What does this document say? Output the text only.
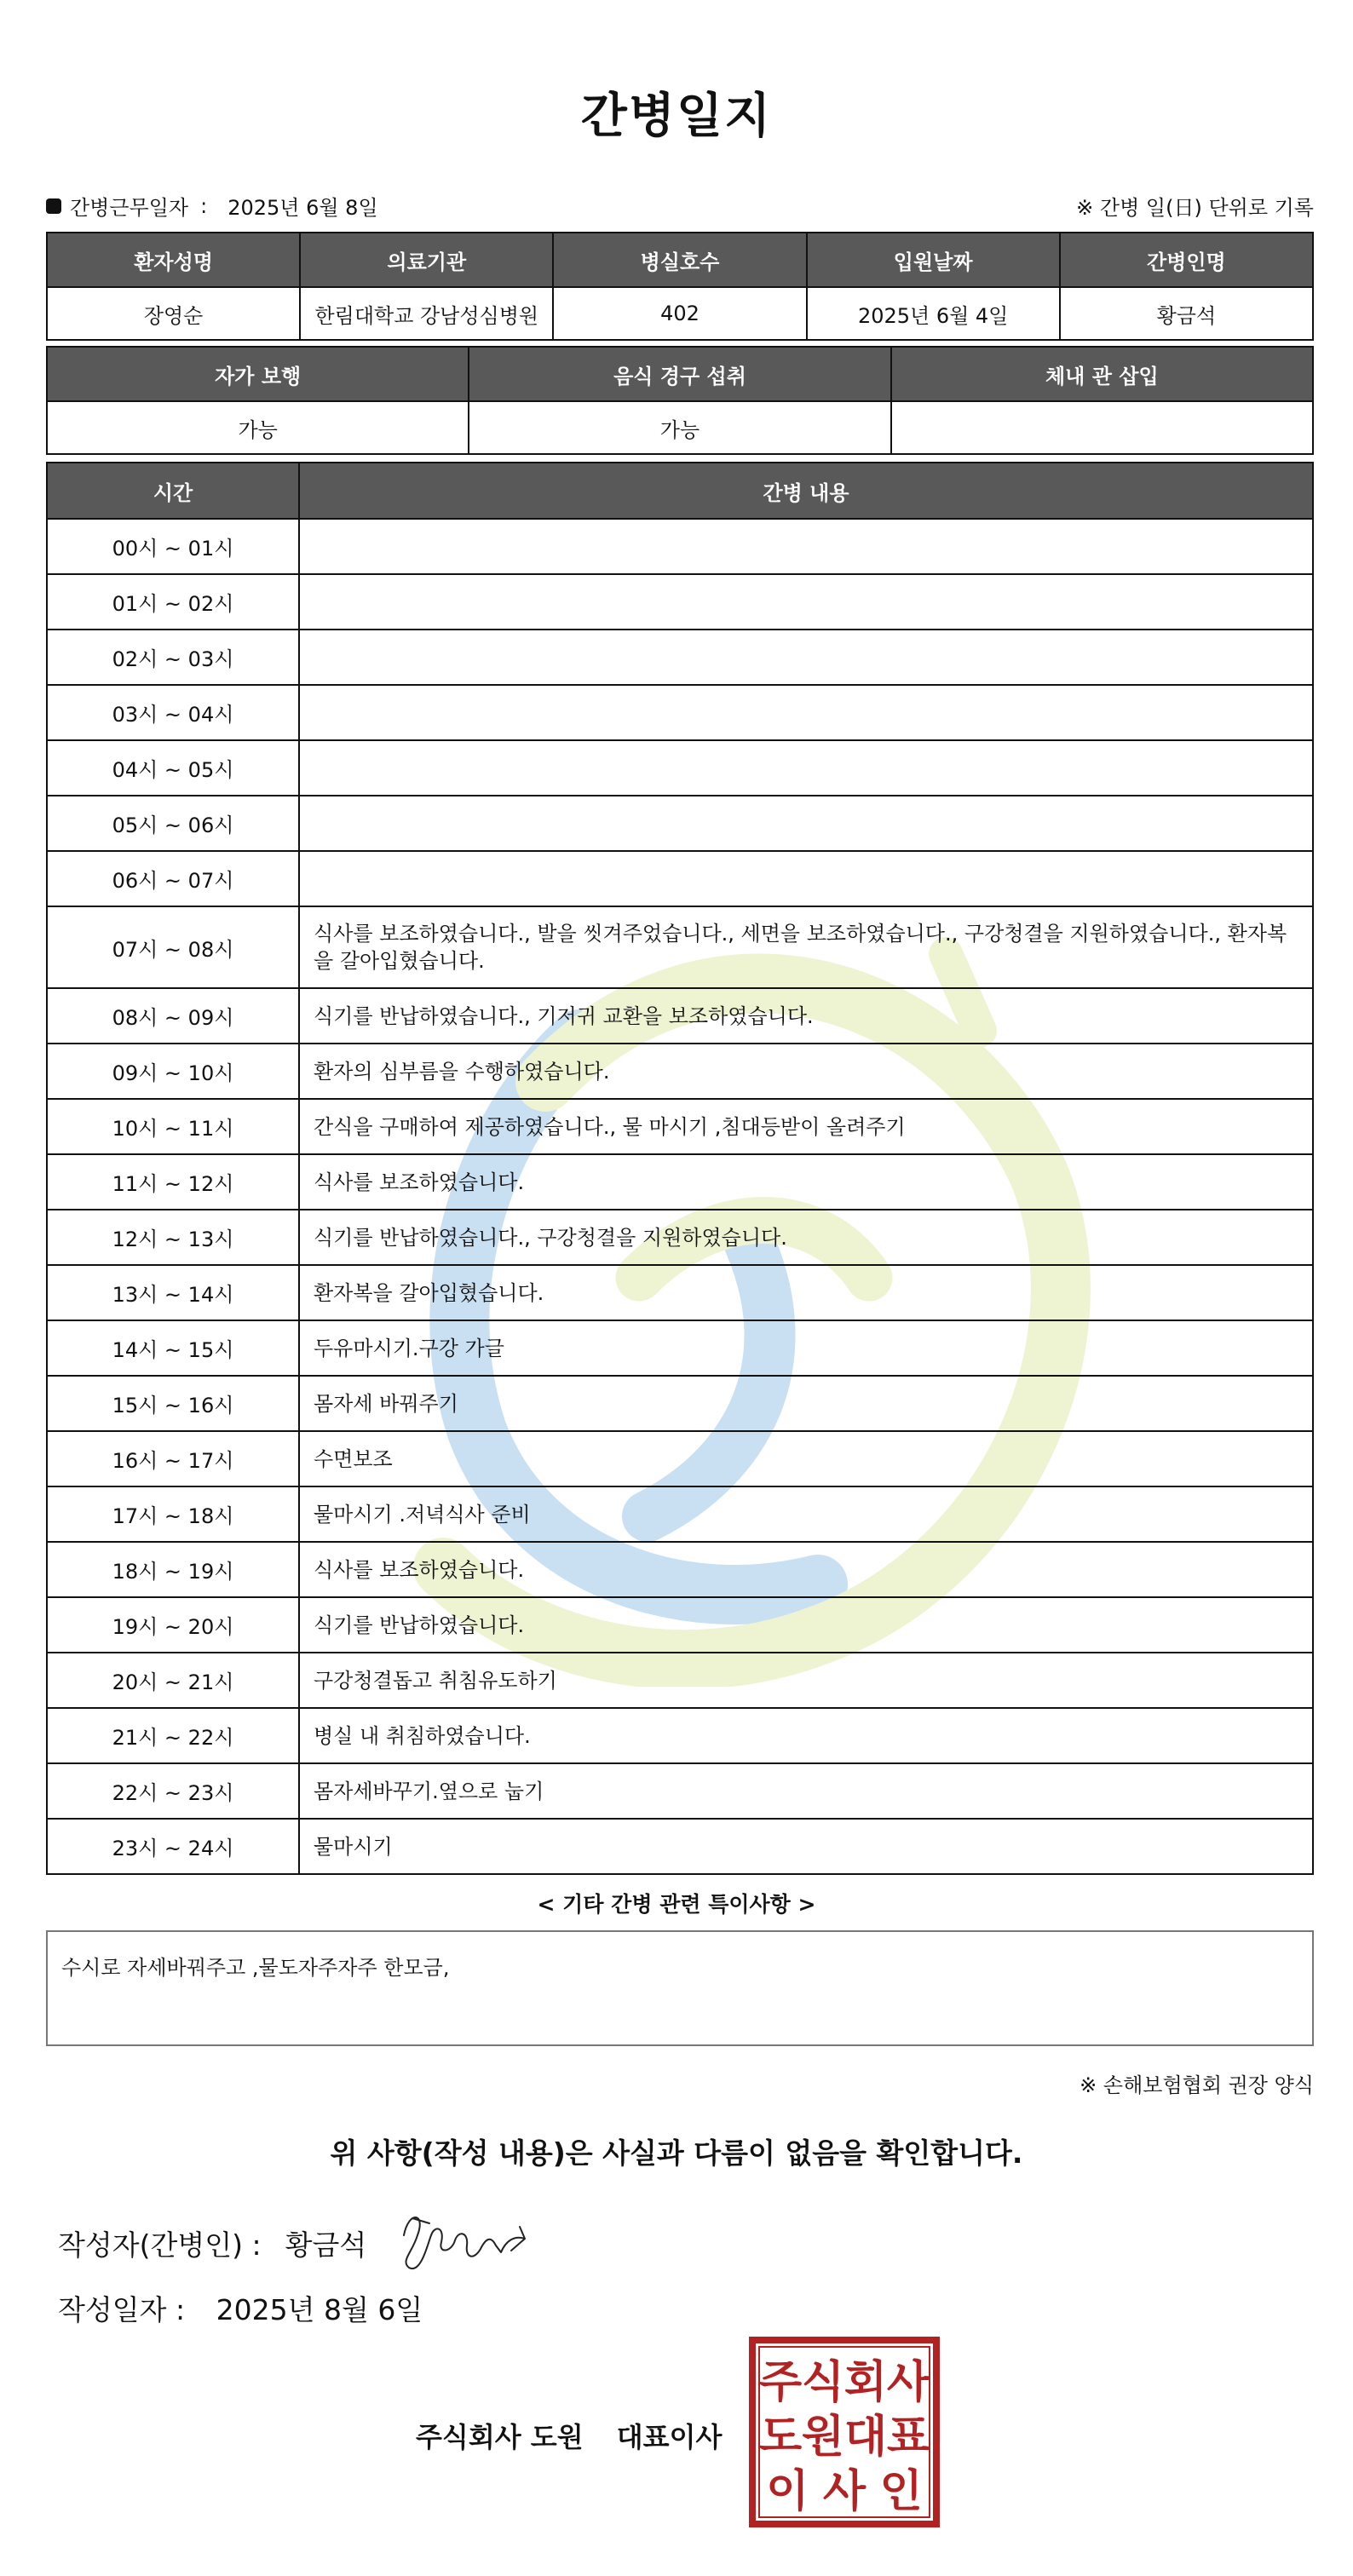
간병일지
간병근무일자 : 2025년 6월 8일	※ 간병 일(日) 단위로 기록
환자성명	의료기관	병실호수	입원날짜	간병인명
장영순	한림대학교 강남성심병원	402	2025년 6월 4일	황금석
자가 보행	음식 경구 섭취	체내 관 삽입
가능	가능	
시간	간병 내용
00시 ~ 01시	
01시 ~ 02시	
02시 ~ 03시	
03시 ~ 04시	
04시 ~ 05시	
05시 ~ 06시	
06시 ~ 07시	
07시 ~ 08시	식사를 보조하였습니다., 발을 씻겨주었습니다., 세면을 보조하였습니다., 구강청결을 지원하였습니다., 환자복을 갈아입혔습니다.
08시 ~ 09시	식기를 반납하였습니다., 기저귀 교환을 보조하였습니다.
09시 ~ 10시	환자의 심부름을 수행하였습니다.
10시 ~ 11시	간식을 구매하여 제공하였습니다., 물 마시기 ,침대등받이 올려주기
11시 ~ 12시	식사를 보조하였습니다.
12시 ~ 13시	식기를 반납하였습니다., 구강청결을 지원하였습니다.
13시 ~ 14시	환자복을 갈아입혔습니다.
14시 ~ 15시	두유마시기.구강 가글
15시 ~ 16시	몸자세 바꿔주기
16시 ~ 17시	수면보조
17시 ~ 18시	물마시기 .저녁식사 준비
18시 ~ 19시	식사를 보조하였습니다.
19시 ~ 20시	식기를 반납하였습니다.
20시 ~ 21시	구강청결돕고 취침유도하기
21시 ~ 22시	병실 내 취침하였습니다.
22시 ~ 23시	몸자세바꾸기.옆으로 눕기
23시 ~ 24시	물마시기
< 기타 간병 관련 특이사항 >
수시로 자세바꿔주고 ,물도자주자주 한모금,
※ 손해보험협회 권장 양식
위 사항(작성 내용)은 사실과 다름이 없음을 확인합니다.
작성자(간병인) : 황금석
작성일자 : 2025년 8월 6일
주식회사 도원 대표이사
주 식 회 사
도 원 대 표
이 사 인
